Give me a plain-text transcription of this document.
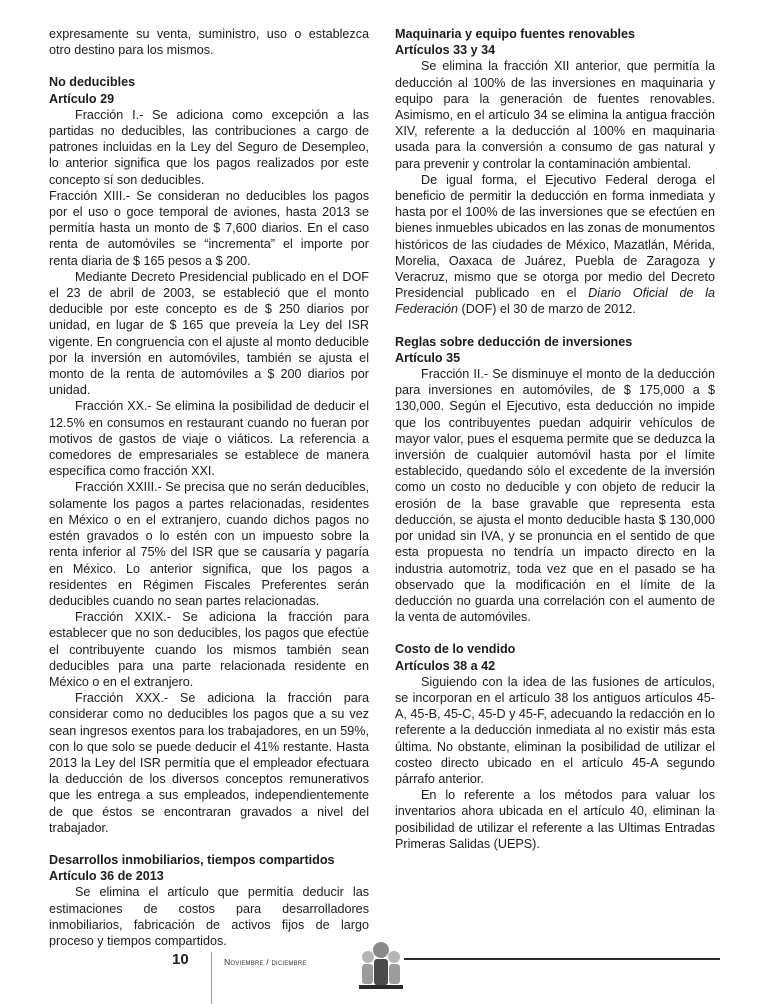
expresamente su venta, suministro, uso o establezca otro destino para los mismos.

No deducibles
Artículo 29

Fracción I.- Se adiciona como excepción a las partidas no deducibles, las contribuciones a cargo de patrones incluidas en la Ley del Seguro de Desempleo, lo anterior significa que los pagos realizados por este concepto sí son deducibles.

Fracción XIII.- Se consideran no deducibles los pagos por el uso o goce temporal de aviones, hasta 2013 se permitía hasta un monto de $ 7,600 diarios. En el caso renta de automóviles se “incrementa” el importe por renta diaria de $ 165 pesos a $ 200.

Mediante Decreto Presidencial publicado en el DOF el 23 de abril de 2003, se estableció que el monto deducible por este concepto es de $ 250 diarios por unidad, en lugar de $ 165 que preveía la Ley del ISR vigente. En congruencia con el ajuste al monto deducible por la inversión en automóviles, también se ajusta el monto de la renta de automóviles a $ 200 diarios por unidad.

Fracción XX.- Se elimina la posibilidad de deducir el 12.5% en consumos en restaurant cuando no fueran por motivos de gastos de viaje o viáticos. La referencia a comedores de empresariales se establece de manera específica como fracción XXI.

Fracción XXIII.- Se precisa que no serán deducibles, solamente los pagos a partes relacionadas, residentes en México o en el extranjero, cuando dichos pagos no estén gravados o lo estén con un impuesto sobre la renta inferior al 75% del ISR que se causaría y pagaría en México. Lo anterior significa, que los pagos a residentes en Régimen Fiscales Preferentes serán deducibles cuando no sean partes relacionadas.

Fracción XXIX.- Se adiciona la fracción para establecer que no son deducibles, los pagos que efectúe el contribuyente cuando los mismos también sean deducibles para una parte relacionada residente en México o en el extranjero.

Fracción XXX.- Se adiciona la fracción para considerar como no deducibles los pagos que a su vez sean ingresos exentos para los trabajadores, en un 59%, con lo que solo se puede deducir el 41% restante. Hasta 2013 la Ley del ISR permitía que el empleador efectuara la deducción de los diversos conceptos remunerativos que les entrega a sus empleados, independientemente de que éstos se encontraran gravados a nivel del trabajador.

Desarrollos inmobiliarios, tiempos compartidos
Artículo 36 de 2013

Se elimina el artículo que permitía deducir las estimaciones de costos para desarrolladores inmobiliarios, fabricación de activos fijos de largo proceso y tiempos compartidos.

Maquinaria y equipo fuentes renovables
Artículos 33 y 34

Se elimina la fracción XII anterior, que permitía la deducción al 100% de las inversiones en maquinaria y equipo para la generación de fuentes renovables. Asimismo, en el artículo 34 se elimina la antigua fracción XIV, referente a la deducción al 100% en maquinaria usada para la conversión a consumo de gas natural y para prevenir y controlar la contaminación ambiental.

De igual forma, el Ejecutivo Federal deroga el beneficio de permitir la deducción en forma inmediata y hasta por el 100% de las inversiones que se efectúen en bienes inmuebles ubicados en las zonas de monumentos históricos de las ciudades de México, Mazatlán, Mérida, Morelia, Oaxaca de Juárez, Puebla de Zaragoza y Veracruz, mismo que se otorga por medio del Decreto Presidencial publicado en el Diario Oficial de la Federación (DOF) el 30 de marzo de 2012.

Reglas sobre deducción de inversiones
Artículo 35

Fracción II.- Se disminuye el monto de la deducción para inversiones en automóviles, de $ 175,000 a $ 130,000. Según el Ejecutivo, esta deducción no impide que los contribuyentes puedan adquirir vehículos de mayor valor, pues el esquema permite que se deduzca la inversión de cualquier automóvil hasta por el límite establecido, quedando sólo el excedente de la inversión como un costo no deducible y con objeto de reducir la erosión de la base gravable que representa esta deducción, se ajusta el monto deducible hasta $ 130,000 por unidad sin IVA, y se pronuncia en el sentido de que esta propuesta no tendría un impacto directo en la industria automotriz, toda vez que en el pasado se ha observado que la modificación en el límite de la deducción no guarda una correlación con el aumento de la venta de automóviles.

Costo de lo vendido
Artículos 38 a 42

Siguiendo con la idea de las fusiones de artículos, se incorporan en el artículo 38 los antiguos artículos 45-A, 45-B, 45-C, 45-D y 45-F, adecuando la redacción en lo referente a la deducción inmediata al no existir más esta última. No obstante, eliminan la posibilidad de utilizar el costeo directo ubicado en el artículo 45-A segundo párrafo anterior.

En lo referente a los métodos para valuar los inventarios ahora ubicada en el artículo 40, eliminan la posibilidad de utilizar el referente a las Ultimas Entradas Primeras Salidas (UEPS).

10	Noviembre / diciembre
